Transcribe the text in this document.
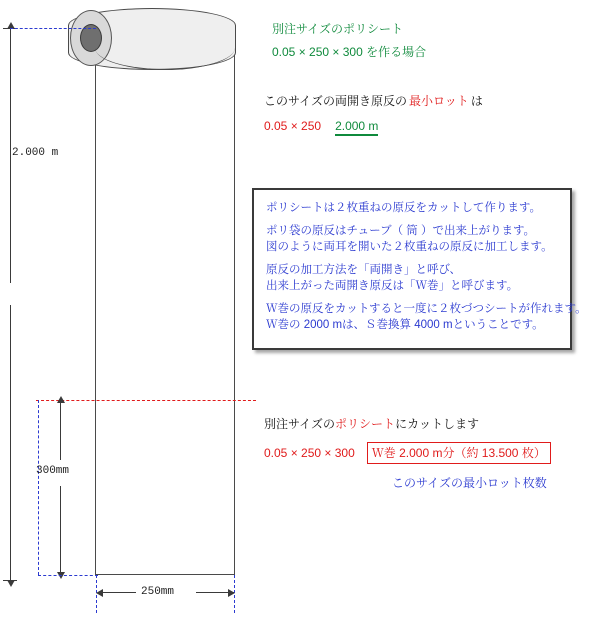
2.000 m
300mm
250mm
別注サイズのポリシート
0.05 × 250 × 300 を作る場合
このサイズの両開き原反の 最小ロット は
0.05 × 250 2.000 m
ポリシートは２枚重ねの原反をカットして作ります。
ポリ袋の原反はチューブ（ 筒 ）で出来上がります。
図のように両耳を開いた２枚重ねの原反に加工します。
原反の加工方法を「両開き」と呼び、
出来上がった両開き原反は「Ｗ巻」と呼びます。
Ｗ巻の原反をカットすると一度に２枚づつシートが作れます。
Ｗ巻の 2000 mは、Ｓ巻換算 4000 mということです。
別注サイズの ポリシート にカットします
0.05 × 250 × 300	Ｗ巻 2.000 m分（約 13.500 枚）
このサイズの最小ロット枚数
